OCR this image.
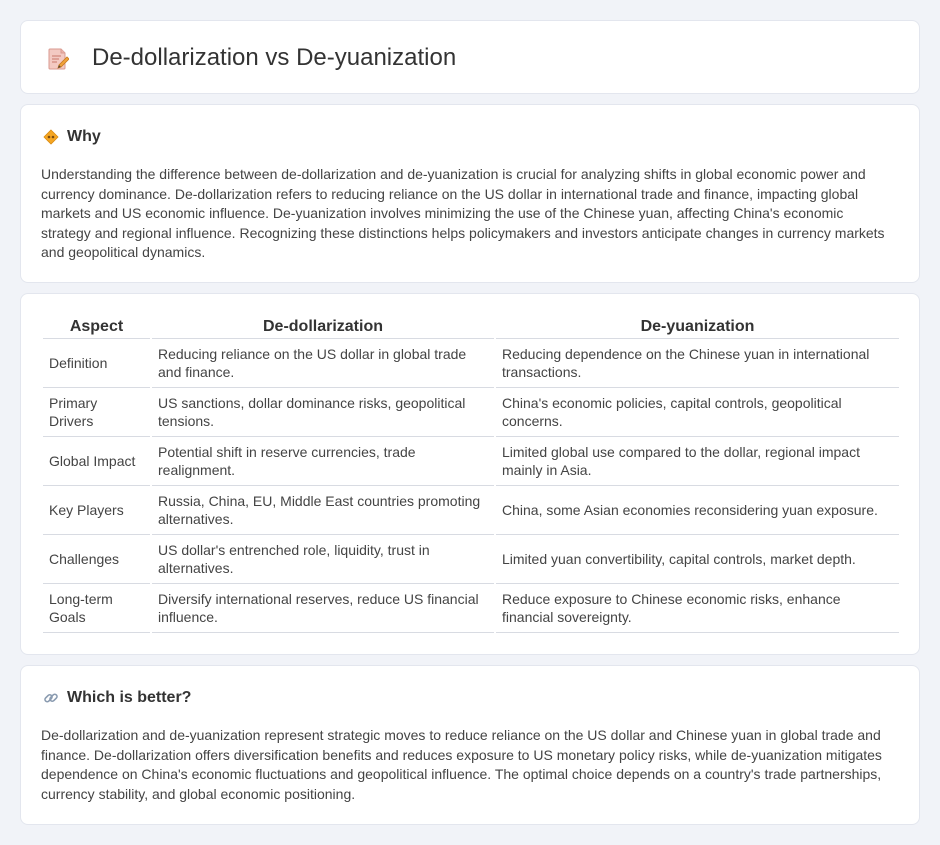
De-dollarization vs De-yuanization
Why

Understanding the difference between de-dollarization and de-yuanization is crucial for analyzing shifts in global economic power and currency dominance. De-dollarization refers to reducing reliance on the US dollar in international trade and finance, impacting global markets and US economic influence. De-yuanization involves minimizing the use of the Chinese yuan, affecting China's economic strategy and regional influence. Recognizing these distinctions helps policymakers and investors anticipate changes in currency markets and geopolitical dynamics.

Aspect	De-dollarization	De-yuanization
Definition	Reducing reliance on the US dollar in global trade and finance.	Reducing dependence on the Chinese yuan in international transactions.
Primary Drivers	US sanctions, dollar dominance risks, geopolitical tensions.	China's economic policies, capital controls, geopolitical concerns.
Global Impact	Potential shift in reserve currencies, trade realignment.	Limited global use compared to the dollar, regional impact mainly in Asia.
Key Players	Russia, China, EU, Middle East countries promoting alternatives.	China, some Asian economies reconsidering yuan exposure.
Challenges	US dollar's entrenched role, liquidity, trust in alternatives.	Limited yuan convertibility, capital controls, market depth.
Long-term Goals	Diversify international reserves, reduce US financial influence.	Reduce exposure to Chinese economic risks, enhance financial sovereignty.
Which is better?

De-dollarization and de-yuanization represent strategic moves to reduce reliance on the US dollar and Chinese yuan in global trade and finance. De-dollarization offers diversification benefits and reduces exposure to US monetary policy risks, while de-yuanization mitigates dependence on China's economic fluctuations and geopolitical influence. The optimal choice depends on a country's trade partnerships, currency stability, and global economic positioning.
